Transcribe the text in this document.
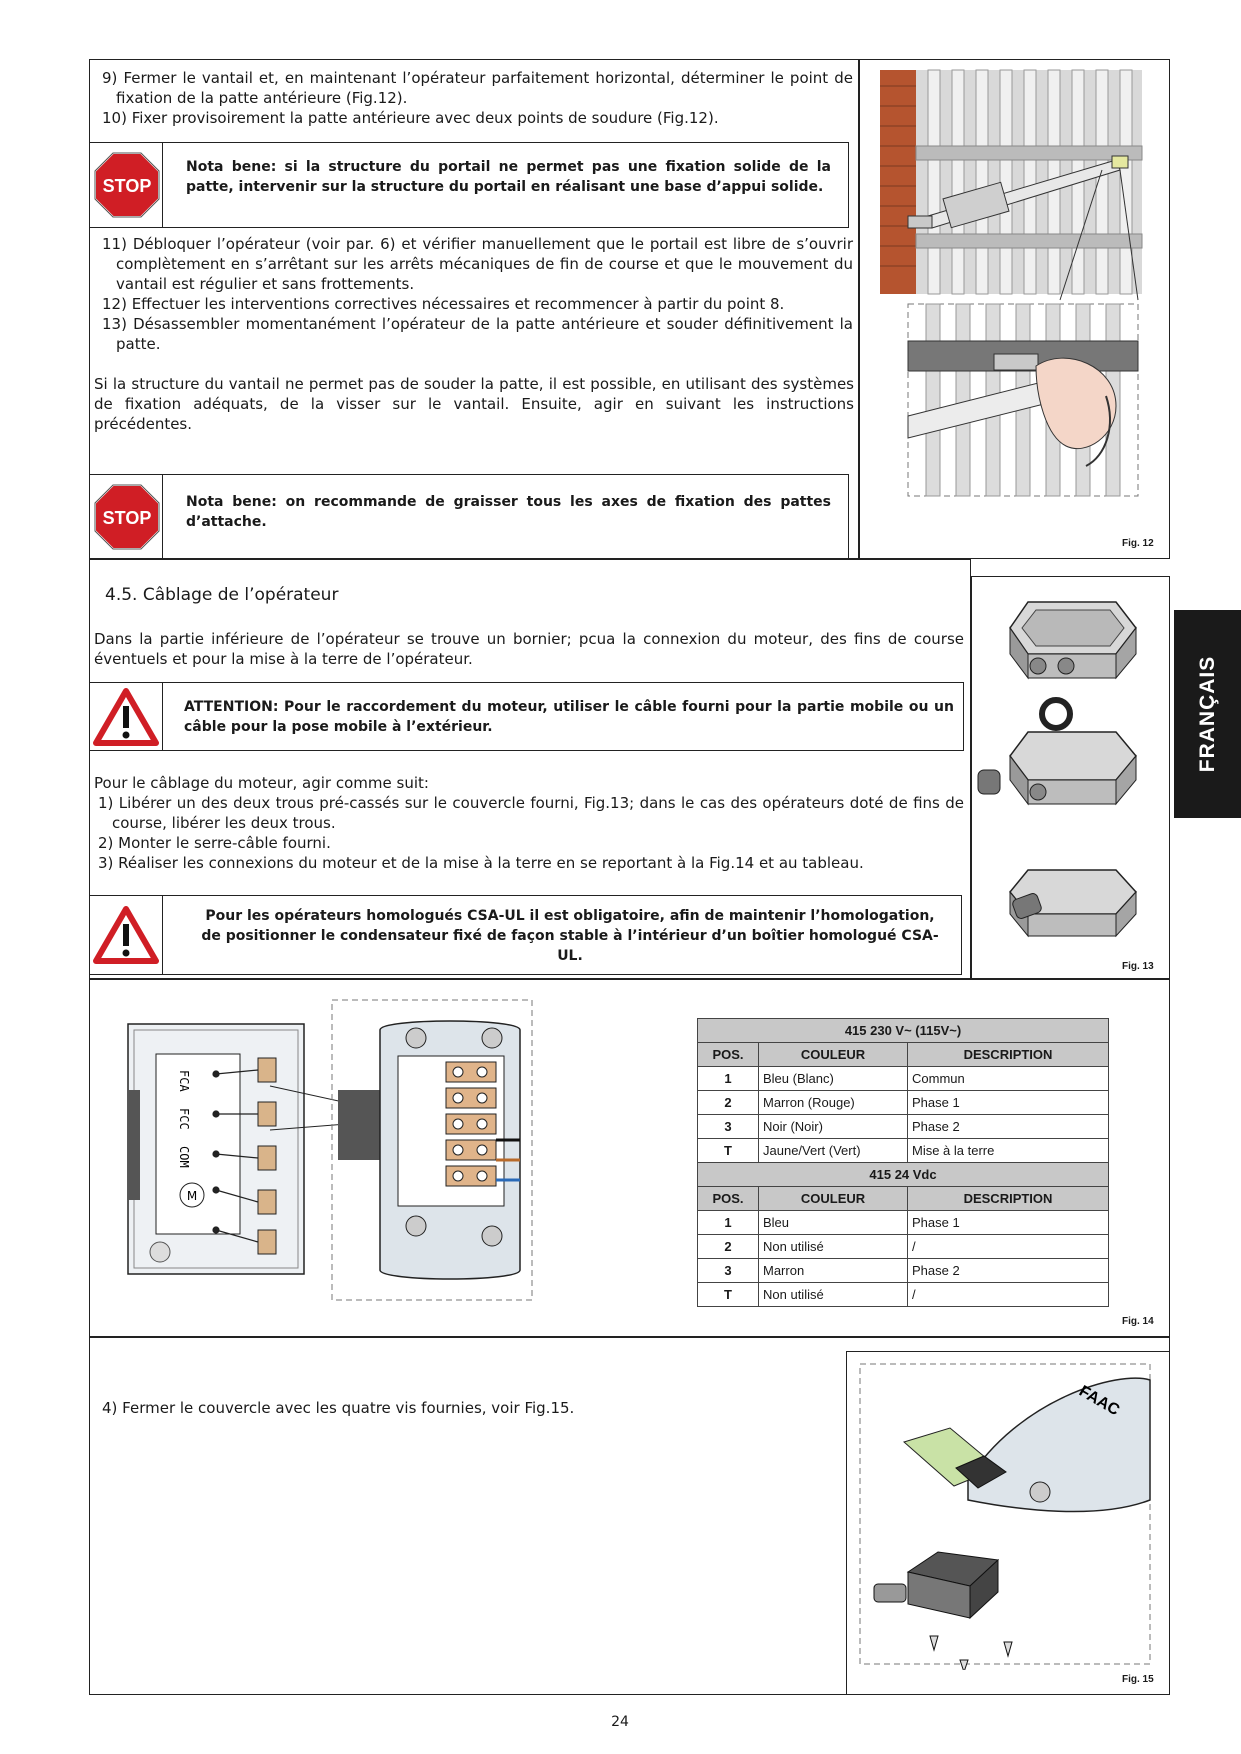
9) Fermer le vantail et, en maintenant l’opérateur parfaitement horizontal, déterminer le point de fixation de la patte antérieure (Fig.12).

10) Fixer provisoirement la patte antérieure avec deux points de soudure (Fig.12).

STOP
Nota bene: si la structure du portail ne permet pas une fixation solide de la patte, intervenir sur la structure du portail en réalisant une base d’appui solide.

11) Débloquer l’opérateur (voir par. 6) et vérifier manuellement que le portail est libre de s’ouvrir complètement en s’arrêtant sur les arrêts mécaniques de fin de course et que le mouvement du vantail est régulier et sans frottements.

12) Effectuer les interventions correctives nécessaires et recommencer à partir du point 8.

13) Désassembler momentanément l’opérateur de la patte antérieure et souder définitivement la patte.

Si la structure du vantail ne permet pas de souder la patte, il est possible, en utilisant des systèmes de fixation adéquats, de la visser sur le vantail. Ensuite, agir en suivant les instructions précédentes.
STOP
Nota bene: on recommande de graisser tous les axes de fixation des pattes d’attache.
Fig. 12
4.5. Câblage de l’opérateur
Dans la partie inférieure de l’opérateur se trouve un bornier; pcua la connexion du moteur, des fins de course éventuels et pour la mise à la terre de l’opérateur.
ATTENTION: Pour le raccordement du moteur, utiliser le câble fourni pour la partie mobile ou un câble pour la pose mobile à l’extérieur.

Pour le câblage du moteur, agir comme suit:

1) Libérer un des deux trous pré-cassés sur le couvercle fourni, Fig.13; dans le cas des opérateurs doté de fins de course, libérer les deux trous.

2) Monter le serre-câble fourni.

3) Réaliser les connexions du moteur et de la mise à la terre en se reportant à la Fig.14 et au tableau.

Pour les opérateurs homologués CSA-UL il est obligatoire, afin de maintenir l’homologation, de positionner le condensateur fixé de façon stable à l’intérieur d’un boîtier homologué CSA-UL.
Fig. 13
FRANÇAIS
FCA
FCC
COM
M
415 230 V~ (115V~)		
POS.	COULEUR	DESCRIPTION
1	Bleu (Blanc)	Commun
2	Marron (Rouge)	Phase 1
3	Noir (Noir)	Phase 2
T	Jaune/Vert (Vert)	Mise à la terre
415 24 Vdc		
POS.	COULEUR	DESCRIPTION
1	Bleu	Phase 1
2	Non utilisé	/
3	Marron	Phase 2
T	Non utilisé	/
Fig. 14
4) Fermer le couvercle avec les quatre vis fournies, voir Fig.15.	FAAC
Fig. 15
24
